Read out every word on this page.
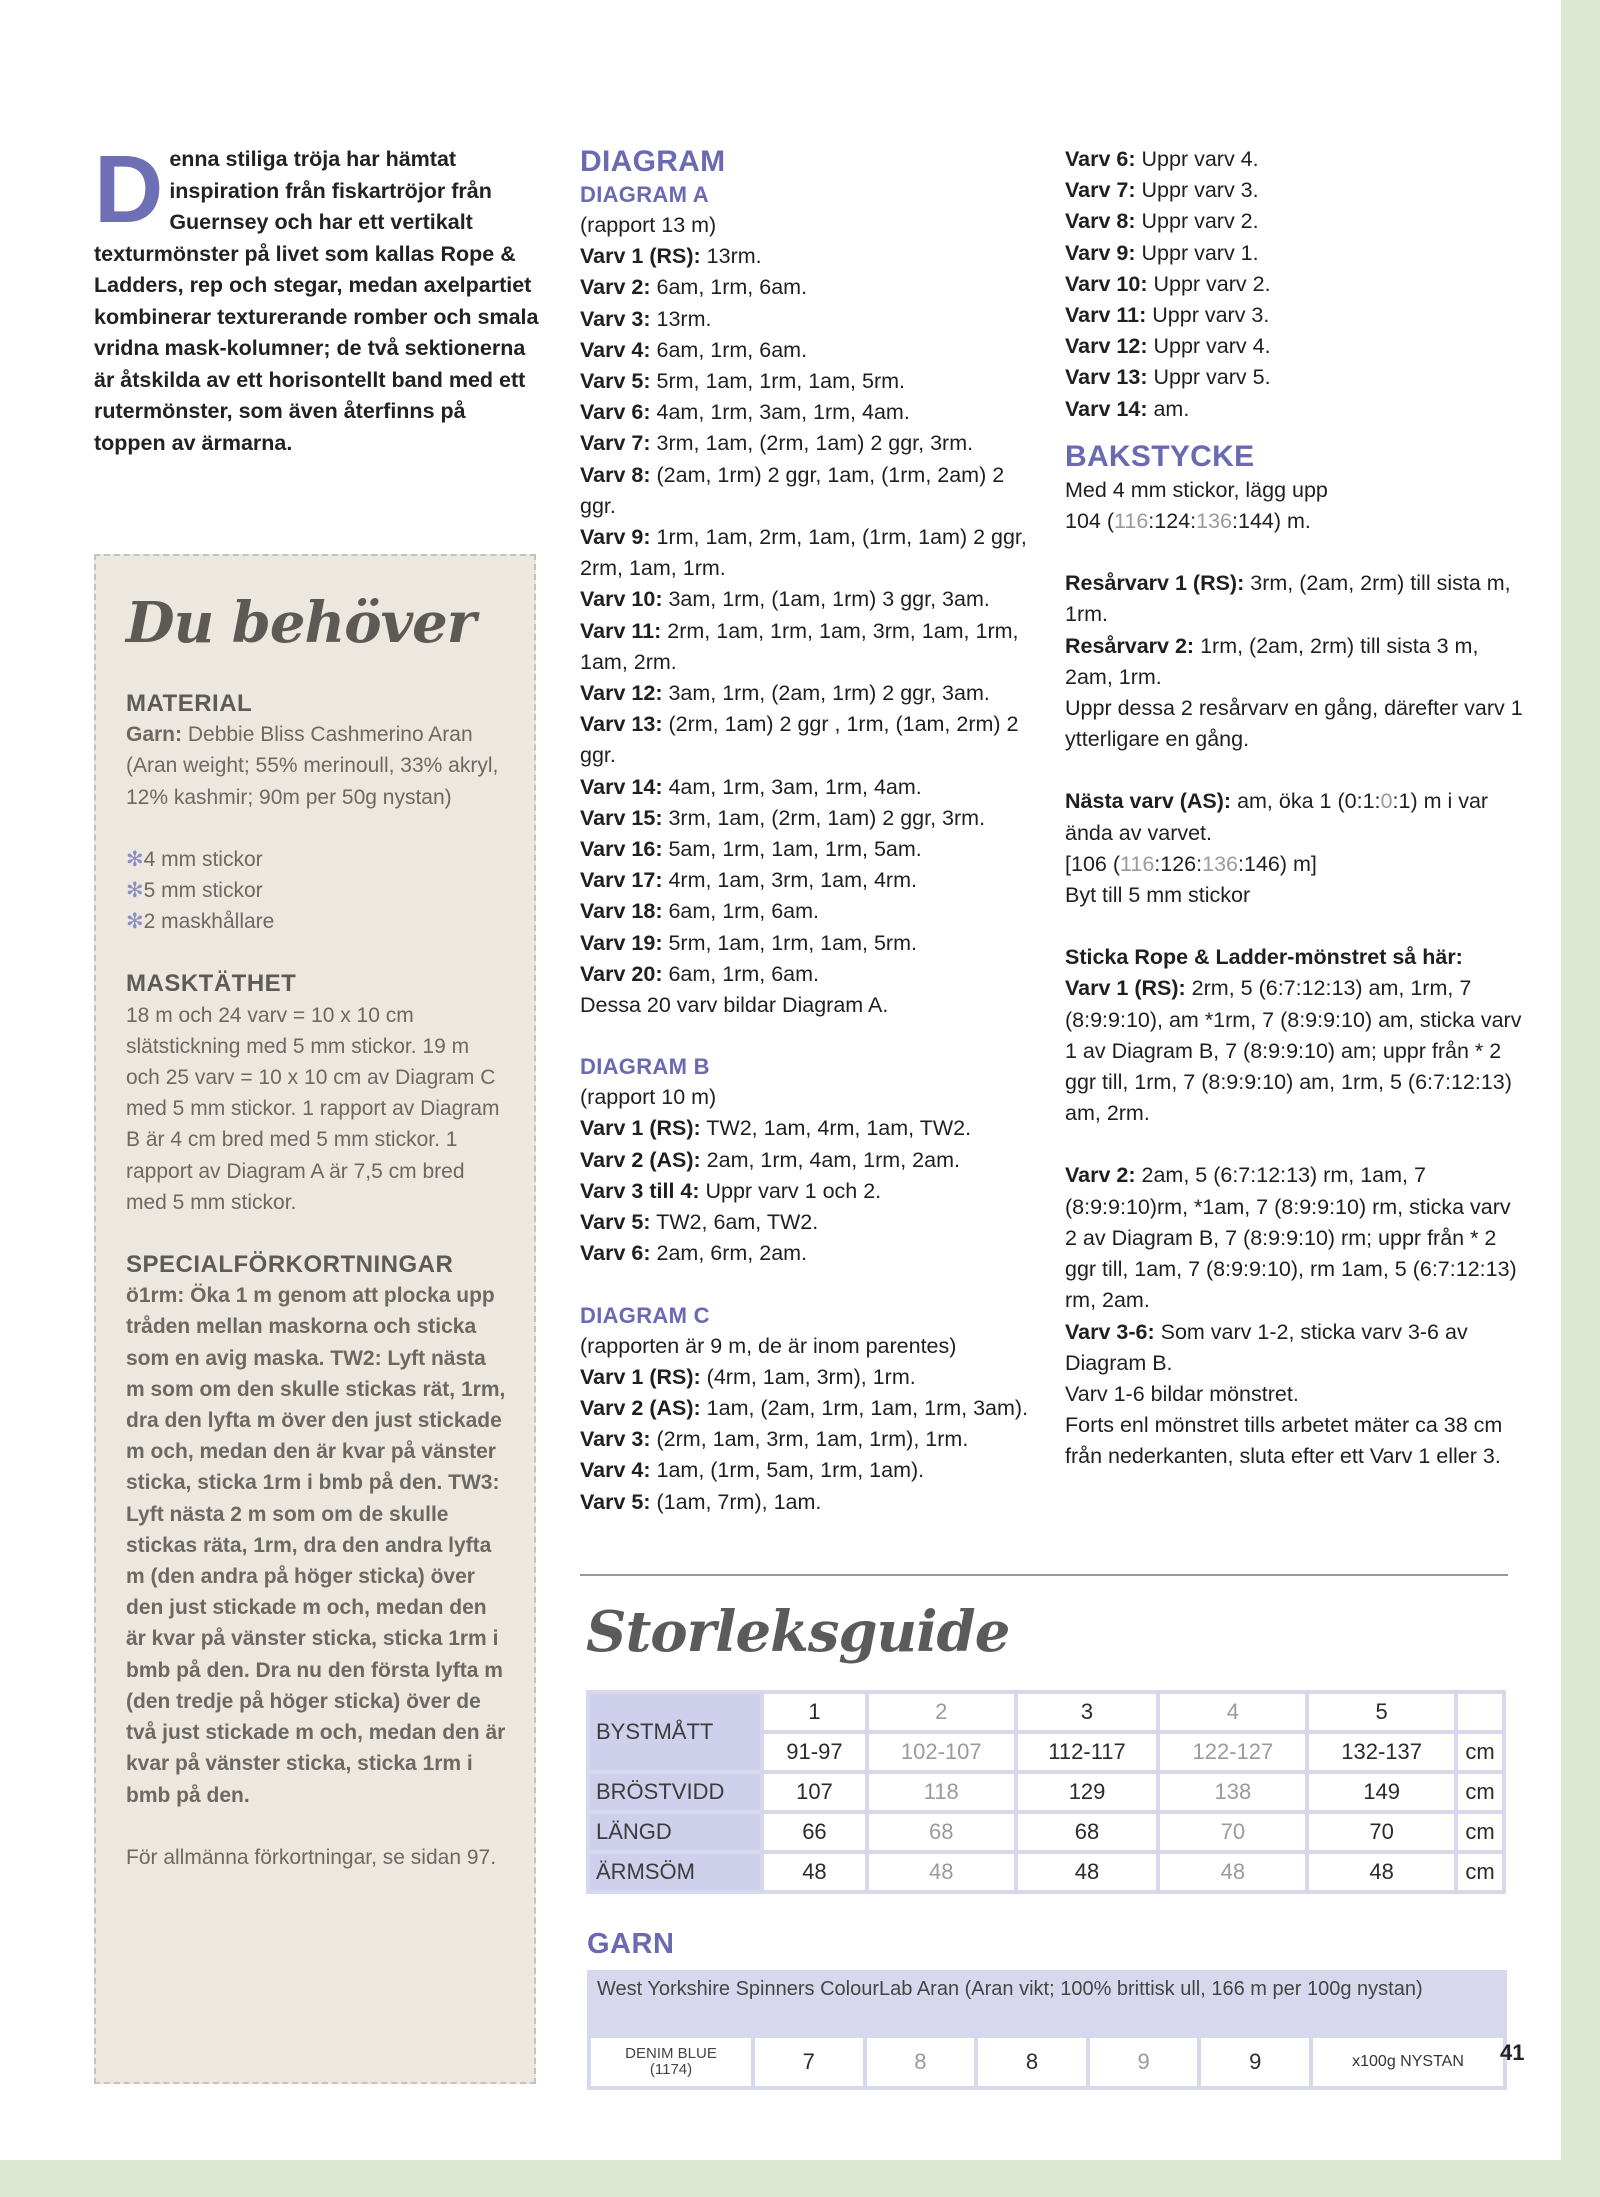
Denna stiliga tröja har hämtat inspiration från fiskartröjor från Guernsey och har ett vertikalt texturmönster på livet som kallas Rope & Ladders, rep och stegar, medan axelpartiet kombinerar texturerande romber och smala vridna mask-kolumner; de två sektionerna är åtskilda av ett horisontellt band med ett rutermönster, som även återfinns på toppen av ärmarna.
Du behöver

MATERIAL

Garn: Debbie Bliss Cashmerino Aran (Aran weight; 55% merinoull, 33% akryl, 12% kashmir; 90m per 50g nystan)

✻4 mm stickor
✻5 mm stickor
✻2 maskhållare

MASKTÄTHET

18 m och 24 varv = 10 x 10 cm slätstickning med 5 mm stickor. 19 m och 25 varv = 10 x 10 cm av Diagram C med 5 mm stickor. 1 rapport av Diagram B är 4 cm bred med 5 mm stickor. 1 rapport av Diagram A är 7,5 cm bred med 5 mm stickor.

SPECIALFÖRKORTNINGAR

ö1rm: Öka 1 m genom att plocka upp tråden mellan maskorna och sticka som en avig maska. TW2: Lyft nästa m som om den skulle stickas rät, 1rm, dra den lyfta m över den just stickade m och, medan den är kvar på vänster sticka, sticka 1rm i bmb på den. TW3: Lyft nästa 2 m som om de skulle stickas räta, 1rm, dra den andra lyfta m (den andra på höger sticka) över den just stickade m och, medan den är kvar på vänster sticka, sticka 1rm i bmb på den. Dra nu den första lyfta m (den tredje på höger sticka) över de två just stickade m och, medan den är kvar på vänster sticka, sticka 1rm i bmb på den.

För allmänna förkortningar, se sidan 97.

DIAGRAM
DIAGRAM A
(rapport 13 m)
Varv 1 (RS): 13rm.
Varv 2: 6am, 1rm, 6am.
Varv 3: 13rm.
Varv 4: 6am, 1rm, 6am.
Varv 5: 5rm, 1am, 1rm, 1am, 5rm.
Varv 6: 4am, 1rm, 3am, 1rm, 4am.
Varv 7: 3rm, 1am, (2rm, 1am) 2 ggr, 3rm.
Varv 8: (2am, 1rm) 2 ggr, 1am, (1rm, 2am) 2 ggr.
Varv 9: 1rm, 1am, 2rm, 1am, (1rm, 1am) 2 ggr, 2rm, 1am, 1rm.
Varv 10: 3am, 1rm, (1am, 1rm) 3 ggr, 3am.
Varv 11: 2rm, 1am, 1rm, 1am, 3rm, 1am, 1rm, 1am, 2rm.
Varv 12: 3am, 1rm, (2am, 1rm) 2 ggr, 3am.
Varv 13: (2rm, 1am) 2 ggr , 1rm, (1am, 2rm) 2 ggr.
Varv 14: 4am, 1rm, 3am, 1rm, 4am.
Varv 15: 3rm, 1am, (2rm, 1am) 2 ggr, 3rm.
Varv 16: 5am, 1rm, 1am, 1rm, 5am.
Varv 17: 4rm, 1am, 3rm, 1am, 4rm.
Varv 18: 6am, 1rm, 6am.
Varv 19: 5rm, 1am, 1rm, 1am, 5rm.
Varv 20: 6am, 1rm, 6am.
Dessa 20 varv bildar Diagram A.
DIAGRAM B
(rapport 10 m)
Varv 1 (RS): TW2, 1am, 4rm, 1am, TW2.
Varv 2 (AS): 2am, 1rm, 4am, 1rm, 2am.
Varv 3 till 4: Uppr varv 1 och 2.
Varv 5: TW2, 6am, TW2.
Varv 6: 2am, 6rm, 2am.
DIAGRAM C
(rapporten är 9 m, de är inom parentes)
Varv 1 (RS): (4rm, 1am, 3rm), 1rm.
Varv 2 (AS): 1am, (2am, 1rm, 1am, 1rm, 3am).
Varv 3: (2rm, 1am, 3rm, 1am, 1rm), 1rm.
Varv 4: 1am, (1rm, 5am, 1rm, 1am).
Varv 5: (1am, 7rm), 1am.
Varv 6: Uppr varv 4.
Varv 7: Uppr varv 3.
Varv 8: Uppr varv 2.
Varv 9: Uppr varv 1.
Varv 10: Uppr varv 2.
Varv 11: Uppr varv 3.
Varv 12: Uppr varv 4.
Varv 13: Uppr varv 5.
Varv 14: am.
BAKSTYCKE
Med 4 mm stickor, lägg upp
104 (116:124:136:144) m.
Resårvarv 1 (RS): 3rm, (2am, 2rm) till sista m, 1rm.
Resårvarv 2: 1rm, (2am, 2rm) till sista 3 m, 2am, 1rm.
Uppr dessa 2 resårvarv en gång, därefter varv 1 ytterligare en gång.
Nästa varv (AS): am, öka 1 (0:1:0:1) m i var ända av varvet.
[106 (116:126:136:146) m]
Byt till 5 mm stickor
Sticka Rope & Ladder-mönstret så här:
Varv 1 (RS): 2rm, 5 (6:7:12:13) am, 1rm, 7 (8:9:9:10), am *1rm, 7 (8:9:9:10) am, sticka varv 1 av Diagram B, 7 (8:9:9:10) am; uppr från * 2 ggr till, 1rm, 7 (8:9:9:10) am, 1rm, 5 (6:7:12:13) am, 2rm.
Varv 2: 2am, 5 (6:7:12:13) rm, 1am, 7 (8:9:9:10)rm, *1am, 7 (8:9:9:10) rm, sticka varv 2 av Diagram B, 7 (8:9:9:10) rm; uppr från * 2 ggr till, 1am, 7 (8:9:9:10), rm 1am, 5 (6:7:12:13) rm, 2am.
Varv 3-6: Som varv 1-2, sticka varv 3-6 av Diagram B.
Varv 1-6 bildar mönstret.
Forts enl mönstret tills arbetet mäter ca 38 cm från nederkanten, sluta efter ett Varv 1 eller 3.
Storleksguide
BYSTMÅTT	1	2	3	4	5	
	91-97	102-107	112-117	122-127	132-137	cm
BRÖSTVIDD	107	118	129	138	149	cm
LÄNGD	66	68	68	70	70	cm
ÄRMSÖM	48	48	48	48	48	cm
GARN
West Yorkshire Spinners ColourLab Aran (Aran vikt; 100% brittisk ull, 166 m per 100g nystan)
DENIM BLUE
(1174)	7	8	8	9	9	x100g NYSTAN 41
